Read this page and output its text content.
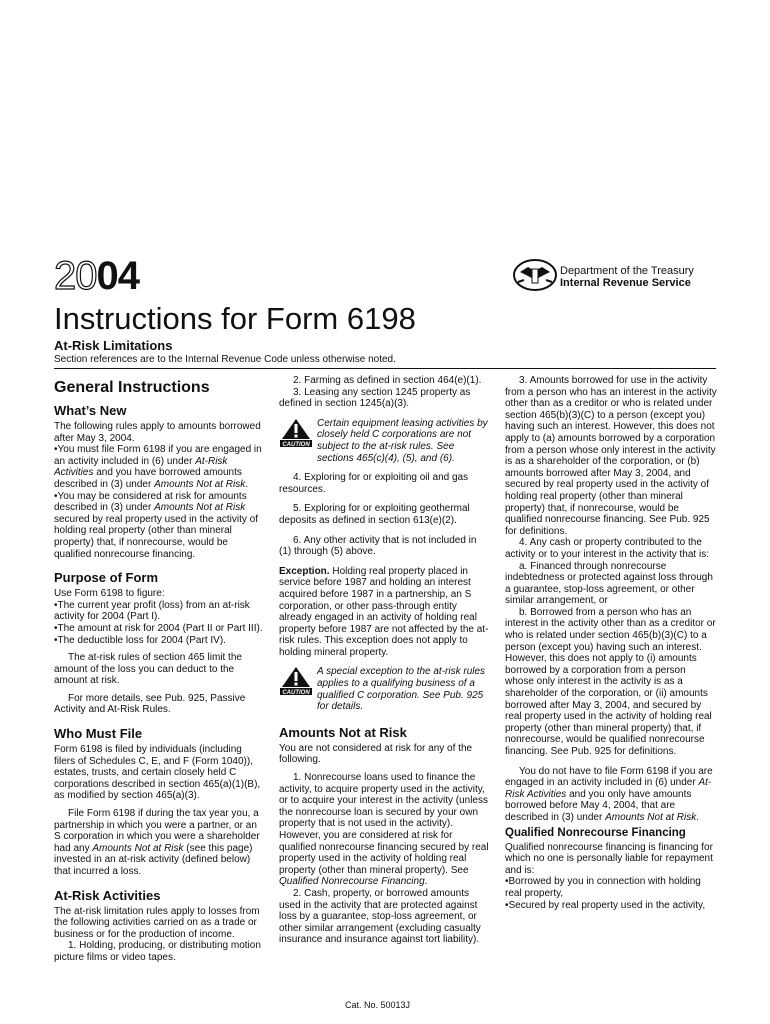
2004	Department of the Treasury
Internal Revenue Service
Instructions for Form 6198
At-Risk Limitations
Section references are to the Internal Revenue Code unless otherwise noted.
General Instructions
What’s New

The following rules apply to amounts borrowed after May 3, 2004.

• You must file Form 6198 if you are engaged in an activity included in (6) under At-Risk Activities and you have borrowed amounts described in (3) under Amounts Not at Risk.

• You may be considered at risk for amounts described in (3) under Amounts Not at Risk secured by real property used in the activity of holding real property (other than mineral property) that, if nonrecourse, would be qualified nonrecourse financing.

Purpose of Form

Use Form 6198 to figure:

• The current year profit (loss) from an at-risk activity for 2004 (Part I).

• The amount at risk for 2004 (Part II or Part III).

• The deductible loss for 2004 (Part IV).

The at-risk rules of section 465 limit the amount of the loss you can deduct to the amount at risk.

For more details, see Pub. 925, Passive Activity and At-Risk Rules.

Who Must File

Form 6198 is filed by individuals (including filers of Schedules C, E, and F (Form 1040)), estates, trusts, and certain closely held C corporations described in section 465(a)(1)(B), as modified by section 465(a)(3).

File Form 6198 if during the tax year you, a partnership in which you were a partner, or an S corporation in which you were a shareholder had any Amounts Not at Risk (see this page) invested in an at-risk activity (defined below) that incurred a loss.

At-Risk Activities

The at-risk limitation rules apply to losses from the following activities carried on as a trade or business or for the production of income.

1. Holding, producing, or distributing motion picture films or video tapes.

2. Farming as defined in section 464(e)(1).

3. Leasing any section 1245 property as defined in section 1245(a)(3).

CAUTION

Certain equipment leasing activities by closely held C corporations are not subject to the at-risk rules. See sections 465(c)(4), (5), and (6).

4. Exploring for or exploiting oil and gas resources.

5. Exploring for or exploiting geothermal deposits as defined in section 613(e)(2).

6. Any other activity that is not included in (1) through (5) above.

Exception. Holding real property placed in service before 1987 and holding an interest acquired before 1987 in a partnership, an S corporation, or other pass-through entity already engaged in an activity of holding real property before 1987 are not affected by the at-risk rules. This exception does not apply to holding mineral property.

CAUTION

A special exception to the at-risk rules applies to a qualifying business of a qualified C corporation. See Pub. 925 for details.

Amounts Not at Risk

You are not considered at risk for any of the following.

1. Nonrecourse loans used to finance the activity, to acquire property used in the activity, or to acquire your interest in the activity (unless the nonrecourse loan is secured by your own property that is not used in the activity). However, you are considered at risk for qualified nonrecourse financing secured by real property used in the activity of holding real property (other than mineral property). See Qualified Nonrecourse Financing.

2. Cash, property, or borrowed amounts used in the activity that are protected against loss by a guarantee, stop-loss agreement, or other similar arrangement (excluding casualty insurance and insurance against tort liability).

3. Amounts borrowed for use in the activity from a person who has an interest in the activity other than as a creditor or who is related under section 465(b)(3)(C) to a person (except you) having such an interest. However, this does not apply to (a) amounts borrowed by a corporation from a person whose only interest in the activity is as a shareholder of the corporation, or (b) amounts borrowed after May 3, 2004, and secured by real property used in the activity of holding real property (other than mineral property) that, if nonrecourse, would be qualified nonrecourse financing. See Pub. 925 for definitions.

4. Any cash or property contributed to the activity or to your interest in the activity that is:

a. Financed through nonrecourse indebtedness or protected against loss through a guarantee, stop-loss agreement, or other similar arrangement, or

b. Borrowed from a person who has an interest in the activity other than as a creditor or who is related under section 465(b)(3)(C) to a person (except you) having such an interest. However, this does not apply to (i) amounts borrowed by a corporation from a person whose only interest in the activity is as a shareholder of the corporation, or (ii) amounts borrowed after May 3, 2004, and secured by real property used in the activity of holding real property (other than mineral property) that, if nonrecourse, would be qualified nonrecourse financing. See Pub. 925 for definitions.

You do not have to file Form 6198 if you are engaged in an activity included in (6) under At-Risk Activities and you only have amounts borrowed before May 4, 2004, that are described in (3) under Amounts Not at Risk.

Qualified Nonrecourse Financing

Qualified nonrecourse financing is financing for which no one is personally liable for repayment and is:

• Borrowed by you in connection with holding real property,

• Secured by real property used in the activity,

Cat. No. 50013J
